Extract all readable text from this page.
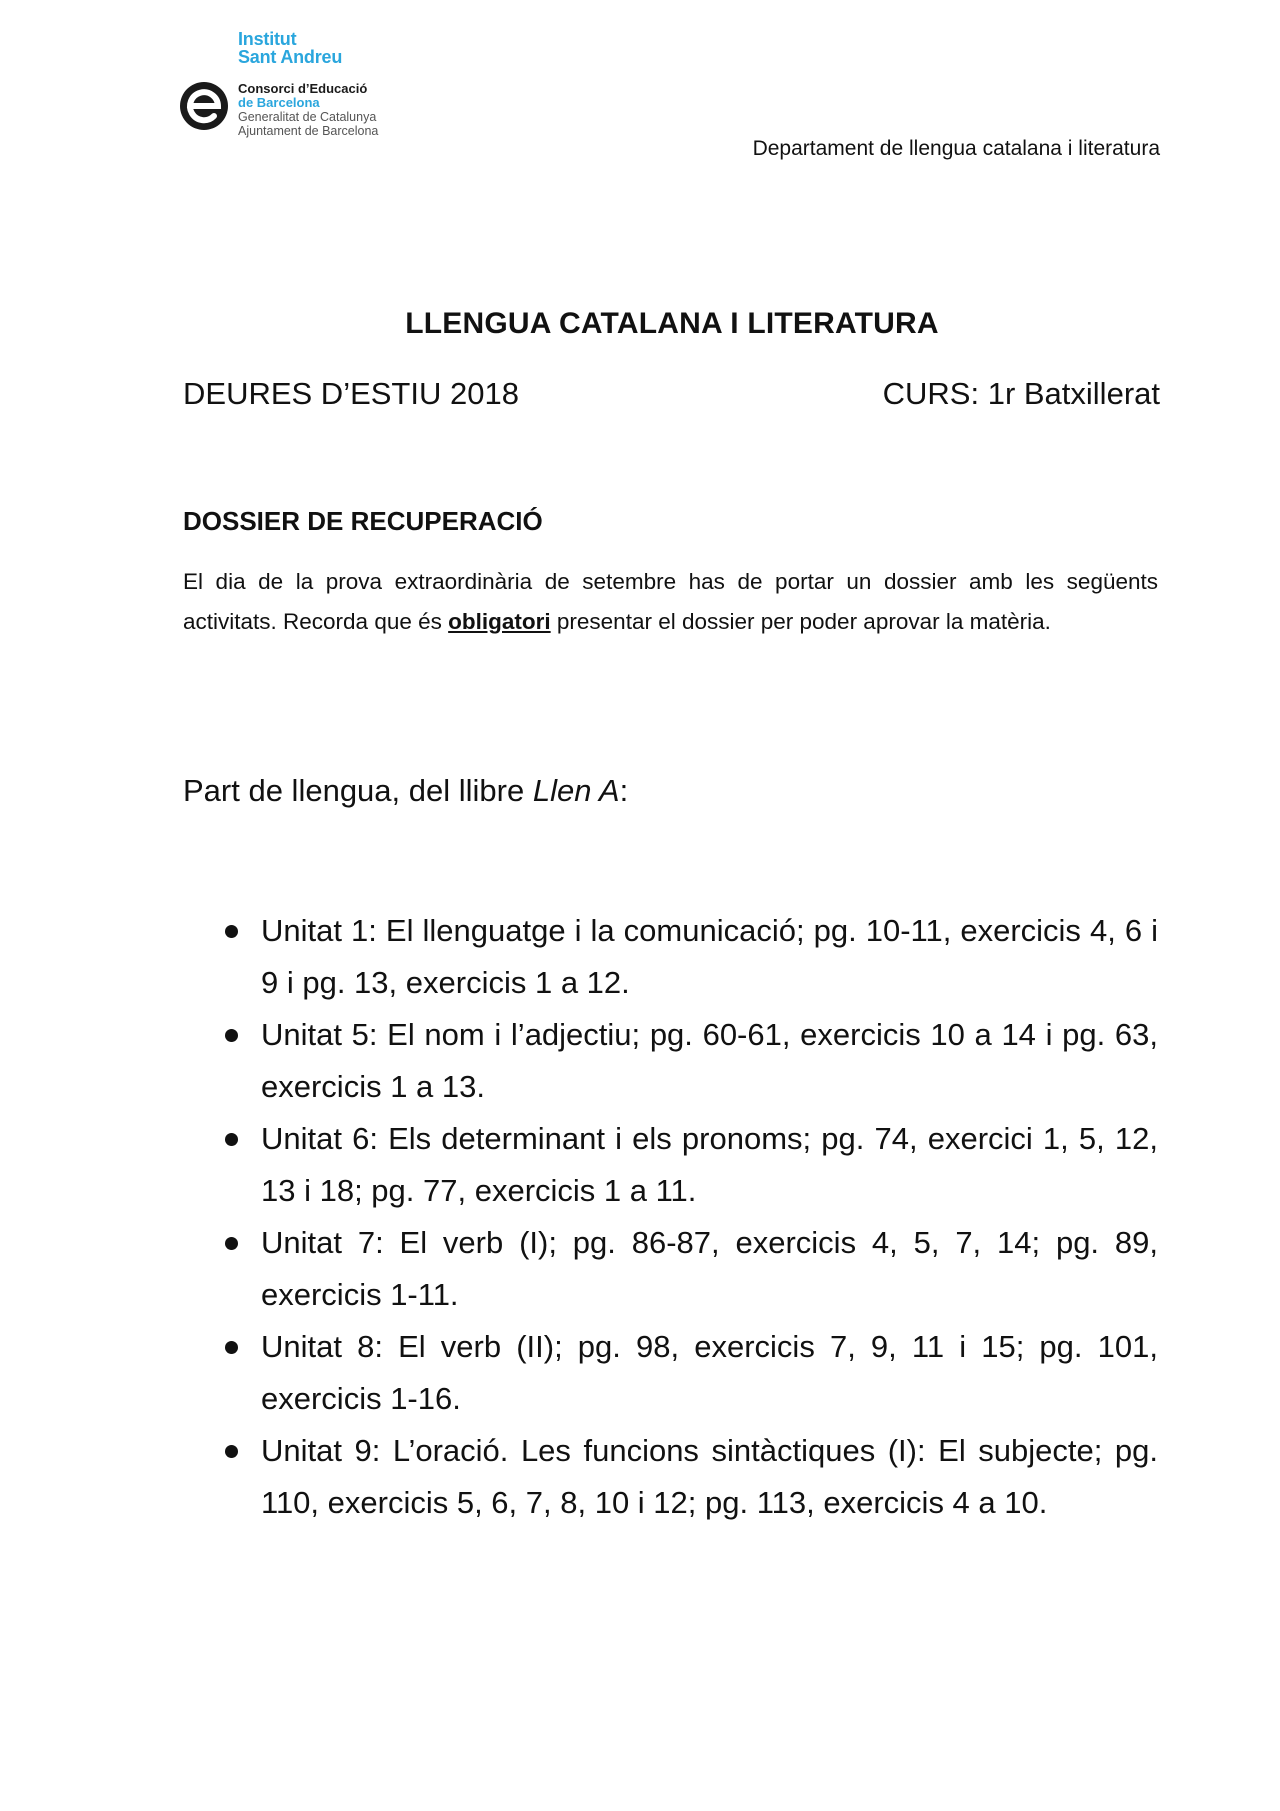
Institut
Sant Andreu
Consorci d’Educació
de Barcelona
Generalitat de Catalunya
Ajuntament de Barcelona
Departament de llengua catalana i literatura
LLENGUA CATALANA I LITERATURA
DEURES D’ESTIU 2018	CURS: 1r Batxillerat
DOSSIER DE RECUPERACIÓ
El dia de la prova extraordinària de setembre has de portar un dossier amb les següents activitats. Recorda que és obligatori presentar el dossier per poder aprovar la matèria.
Part de llengua, del llibre Llen A:
Unitat 1: El llenguatge i la comunicació; pg. 10-11, exercicis 4, 6 i 9 i pg. 13, exercicis 1 a 12.
Unitat 5: El nom i l’adjectiu; pg. 60-61, exercicis 10 a 14 i pg. 63, exercicis 1 a 13.
Unitat 6: Els determinant i els pronoms; pg. 74, exercici 1, 5, 12, 13 i 18; pg. 77, exercicis 1 a 11.
Unitat 7: El verb (I); pg. 86-87, exercicis 4, 5, 7, 14; pg. 89, exercicis 1-11.
Unitat 8: El verb (II); pg. 98, exercicis 7, 9, 11 i 15; pg. 101, exercicis 1-16.
Unitat 9: L’oració. Les funcions sintàctiques (I): El subjecte; pg. 110, exercicis 5, 6, 7, 8, 10 i 12; pg. 113, exercicis 4 a 10.
